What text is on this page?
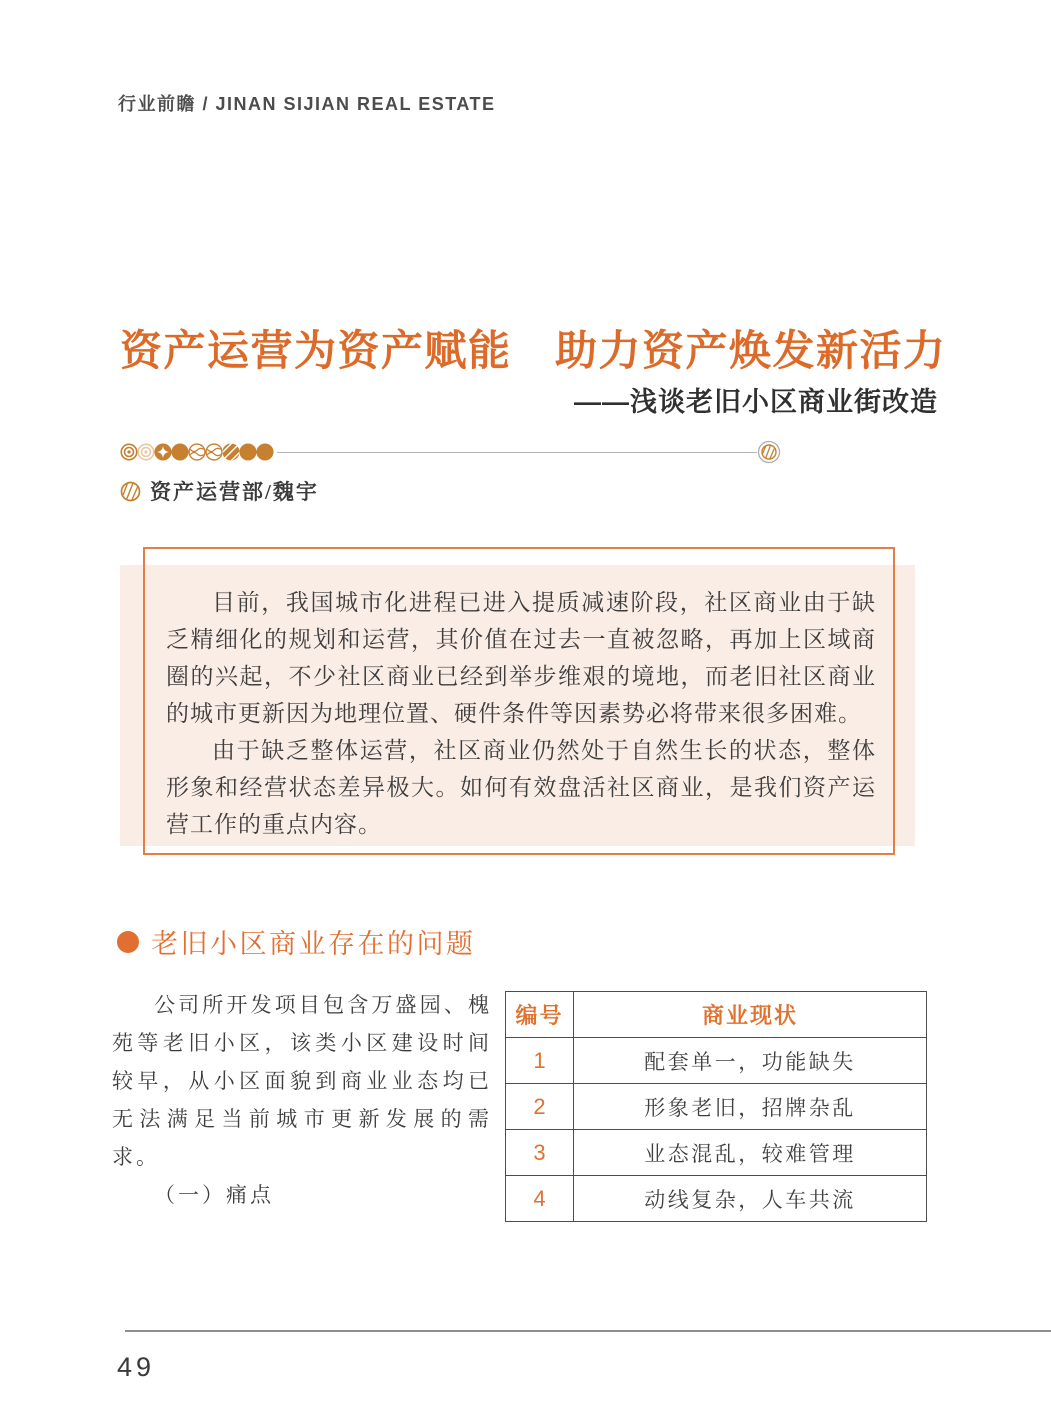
行业前瞻 / JINAN SIJIAN REAL ESTATE
资产运营为资产赋能　助力资产焕发新活力
——浅谈老旧小区商业街改造
资产运营部/魏宇

目前，我国城市化进程已进入提质减速阶段，社区商业由于缺乏精细化的规划和运营，其价值在过去一直被忽略，再加上区域商圈的兴起，不少社区商业已经到举步维艰的境地，而老旧社区商业的城市更新因为地理位置、硬件条件等因素势必将带来很多困难。

由于缺乏整体运营，社区商业仍然处于自然生长的状态，整体形象和经营状态差异极大。如何有效盘活社区商业，是我们资产运营工作的重点内容。

老旧小区商业存在的问题

公司所开发项目包含万盛园、槐苑等老旧小区，该类小区建设时间较早，从小区面貌到商业业态均已无法满足当前城市更新发展的需求。

（一）痛点

编号	商业现状
1	配套单一，功能缺失
2	形象老旧，招牌杂乱
3	业态混乱，较难管理
4	动线复杂，人车共流
49
